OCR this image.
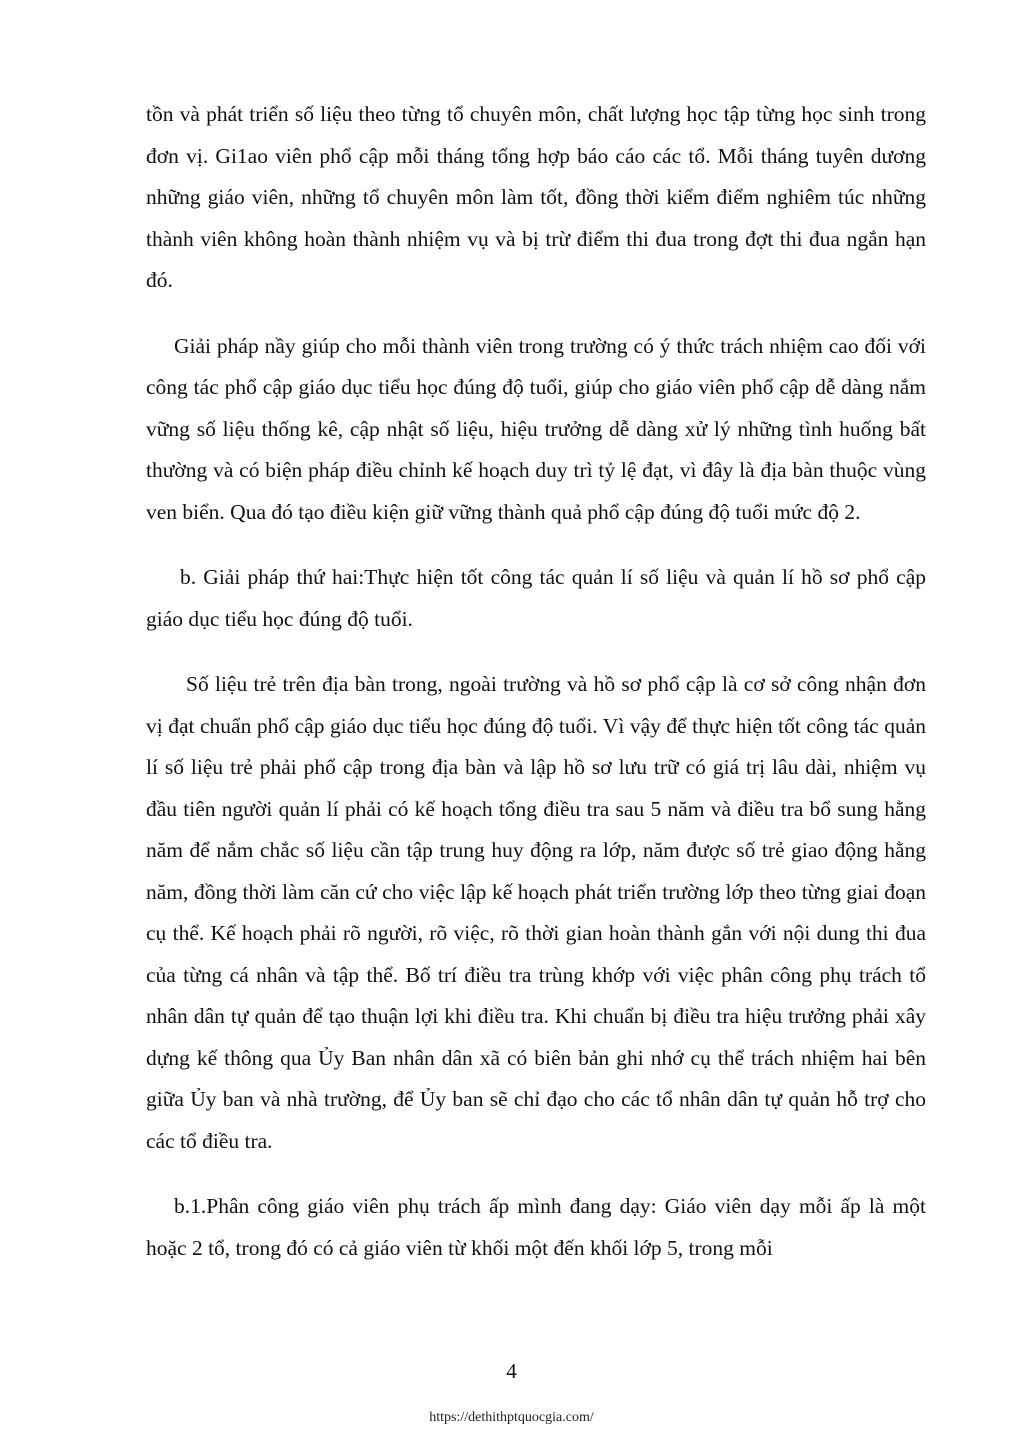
tồn và phát triển số liệu theo từng tổ chuyên môn, chất lượng học tập từng học sinh trong đơn vị. Gi1ao viên phổ cập mỗi tháng tổng hợp báo cáo các tổ. Mỗi tháng tuyên dương những giáo viên, những tổ chuyên môn làm tốt, đồng thời kiểm điểm nghiêm túc những thành viên không hoàn thành nhiệm vụ và bị trừ điểm thi đua trong đợt thi đua ngắn hạn đó.

Giải pháp nầy giúp cho mỗi thành viên trong trường có ý thức trách nhiệm cao đối với công tác phổ cập giáo dục tiểu học đúng độ tuổi, giúp cho giáo viên phổ cập dễ dàng nắm vững số liệu thống kê, cập nhật số liệu, hiệu trưởng dễ dàng xử lý những tình huống bất thường và có biện pháp điều chỉnh kế hoạch duy trì tỷ lệ đạt, vì đây là địa bàn thuộc vùng ven biển. Qua đó tạo điều kiện giữ vững thành quả phổ cập đúng độ tuổi mức độ 2.

b. Giải pháp thứ hai:Thực hiện tốt công tác quản lí số liệu và quản lí hồ sơ phổ cập giáo dục tiểu học đúng độ tuổi.

Số liệu trẻ trên địa bàn trong, ngoài trường và hồ sơ phổ cập là cơ sở công nhận đơn vị đạt chuẩn phổ cập giáo dục tiểu học đúng độ tuổi. Vì vậy để thực hiện tốt công tác quản lí số liệu trẻ phải phổ cập trong địa bàn và lập hồ sơ lưu trữ có giá trị lâu dài, nhiệm vụ đầu tiên người quản lí phải có kế hoạch tổng điều tra sau 5 năm và điều tra bổ sung hằng năm để nắm chắc số liệu cần tập trung huy động ra lớp, năm được số trẻ giao động hằng năm, đồng thời làm căn cứ cho việc lập kế hoạch phát triển trường lớp theo từng giai đoạn cụ thể. Kế hoạch phải rõ người, rõ việc, rõ thời gian hoàn thành gắn với nội dung thi đua của từng cá nhân và tập thể. Bố trí điều tra trùng khớp với việc phân công phụ trách tổ nhân dân tự quản để tạo thuận lợi khi điều tra. Khi chuẩn bị điều tra hiệu trưởng phải xây dựng kế thông qua Ủy Ban nhân dân xã có biên bản ghi nhớ cụ thể trách nhiệm hai bên giữa Ủy ban và nhà trường, để Ủy ban sẽ chỉ đạo cho các tổ nhân dân tự quản hỗ trợ cho các tổ điều tra.

b.1.Phân công giáo viên phụ trách ấp mình đang dạy: Giáo viên dạy mỗi ấp là một hoặc 2 tổ, trong đó có cả giáo viên từ khối một đến khối lớp 5, trong mỗi

4
https://dethithptquocgia.com/
